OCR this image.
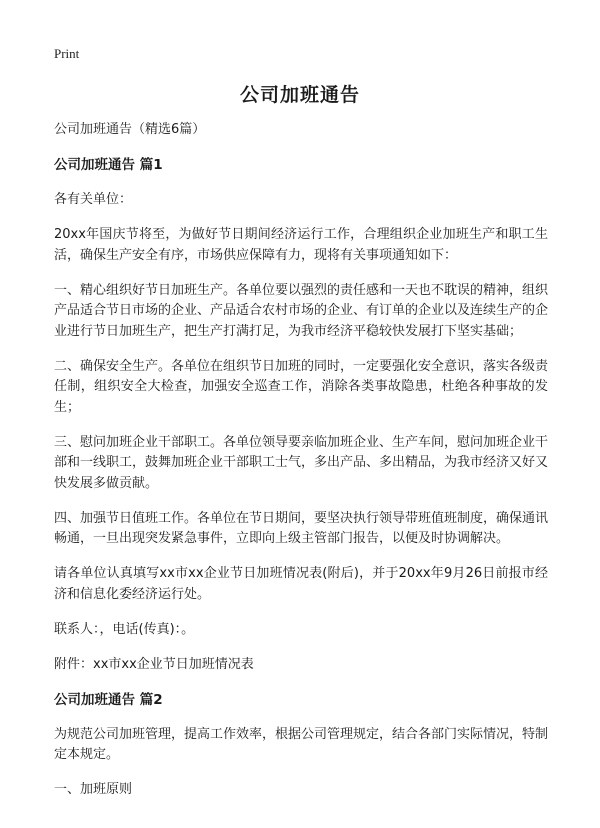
Print
公司加班通告

公司加班通告（精选6篇）

公司加班通告 篇1

各有关单位：

20xx年国庆节将至，为做好节日期间经济运行工作，合理组织企业加班生产和职工生活，确保生产安全有序，市场供应保障有力，现将有关事项通知如下：

一、精心组织好节日加班生产。各单位要以强烈的责任感和一天也不耽误的精神，组织产品适合节日市场的企业、产品适合农村市场的企业、有订单的企业以及连续生产的企业进行节日加班生产，把生产打满打足，为我市经济平稳较快发展打下坚实基础；

二、确保安全生产。各单位在组织节日加班的同时，一定要强化安全意识，落实各级责任制，组织安全大检查，加强安全巡查工作，消除各类事故隐患，杜绝各种事故的发生；

三、慰问加班企业干部职工。各单位领导要亲临加班企业、生产车间，慰问加班企业干部和一线职工，鼓舞加班企业干部职工士气，多出产品、多出精品，为我市经济又好又快发展多做贡献。

四、加强节日值班工作。各单位在节日期间，要坚决执行领导带班值班制度，确保通讯畅通，一旦出现突发紧急事件，立即向上级主管部门报告，以便及时协调解决。

请各单位认真填写xx市xx企业节日加班情况表(附后)，并于20xx年9月26日前报市经济和信息化委经济运行处。

联系人：，电话(传真)：。

附件：xx市xx企业节日加班情况表

公司加班通告 篇2

为规范公司加班管理，提高工作效率，根据公司管理规定，结合各部门实际情况，特制定本规定。

一、加班原则
